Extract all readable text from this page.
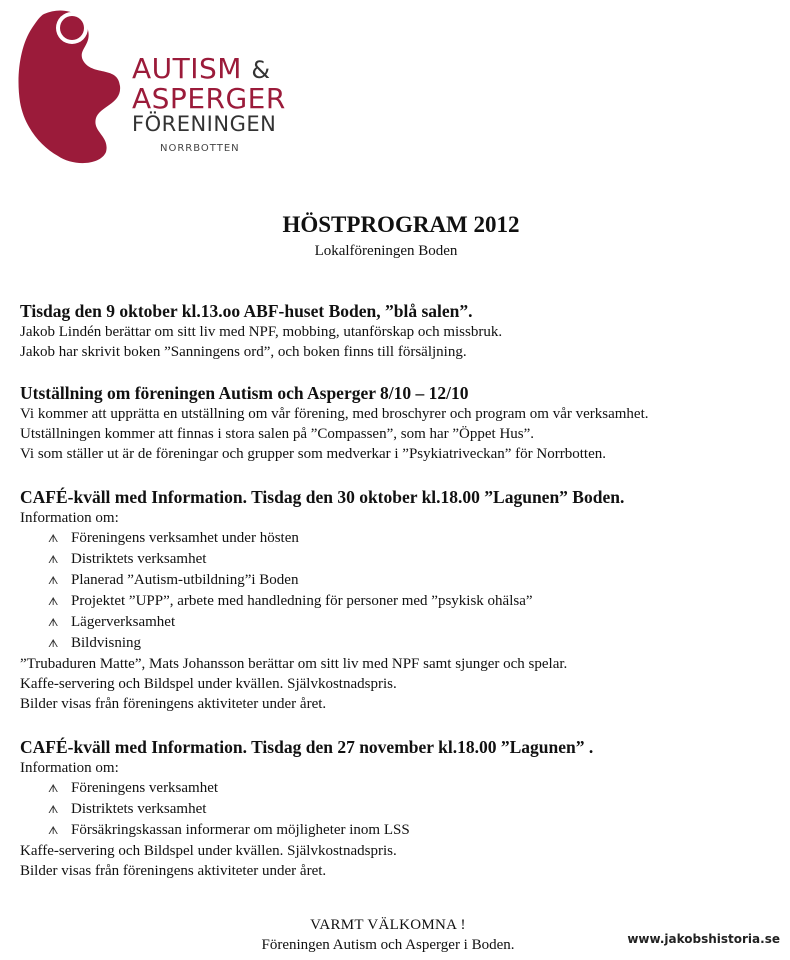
AUTISM &
ASPERGER
FÖRENINGEN
NORRBOTTEN
HÖSTPROGRAM 2012
Lokalföreningen Boden
Tisdag den 9 oktober kl.13.oo ABF-huset Boden, ”blå salen”.
Jakob Lindén berättar om sitt liv med NPF, mobbing, utanförskap och missbruk.
Jakob har skrivit boken ”Sanningens ord”, och boken finns till försäljning.
Utställning om föreningen Autism och Asperger 8/10 – 12/10
Vi kommer att upprätta en utställning om vår förening, med broschyrer och program om vår verksamhet.
Utställningen kommer att finnas i stora salen på ”Compassen”, som har ”Öppet Hus”.
Vi som ställer ut är de föreningar och grupper som medverkar i ”Psykiatriveckan” för Norrbotten.
CAFÉ-kväll med Information. Tisdag den 30 oktober kl.18.00 ”Lagunen” Boden.
Information om:
ᗑ Föreningens verksamhet under hösten
ᗑ Distriktets verksamhet
ᗑ Planerad ”Autism-utbildning”i Boden
ᗑ Projektet ”UPP”, arbete med handledning för personer med ”psykisk ohälsa”
ᗑ Lägerverksamhet
ᗑ Bildvisning
”Trubaduren Matte”, Mats Johansson berättar om sitt liv med NPF samt sjunger och spelar.
Kaffe-servering och Bildspel under kvällen. Självkostnadspris.
Bilder visas från föreningens aktiviteter under året.
CAFÉ-kväll med Information. Tisdag den 27 november kl.18.00 ”Lagunen” .
Information om:
ᗑ Föreningens verksamhet
ᗑ Distriktets verksamhet
ᗑ Försäkringskassan informerar om möjligheter inom LSS
Kaffe-servering och Bildspel under kvällen. Självkostnadspris.
Bilder visas från föreningens aktiviteter under året.
VARMT VÄLKOMNA !
Föreningen Autism och Asperger i Boden.	www.jakobshistoria.se
